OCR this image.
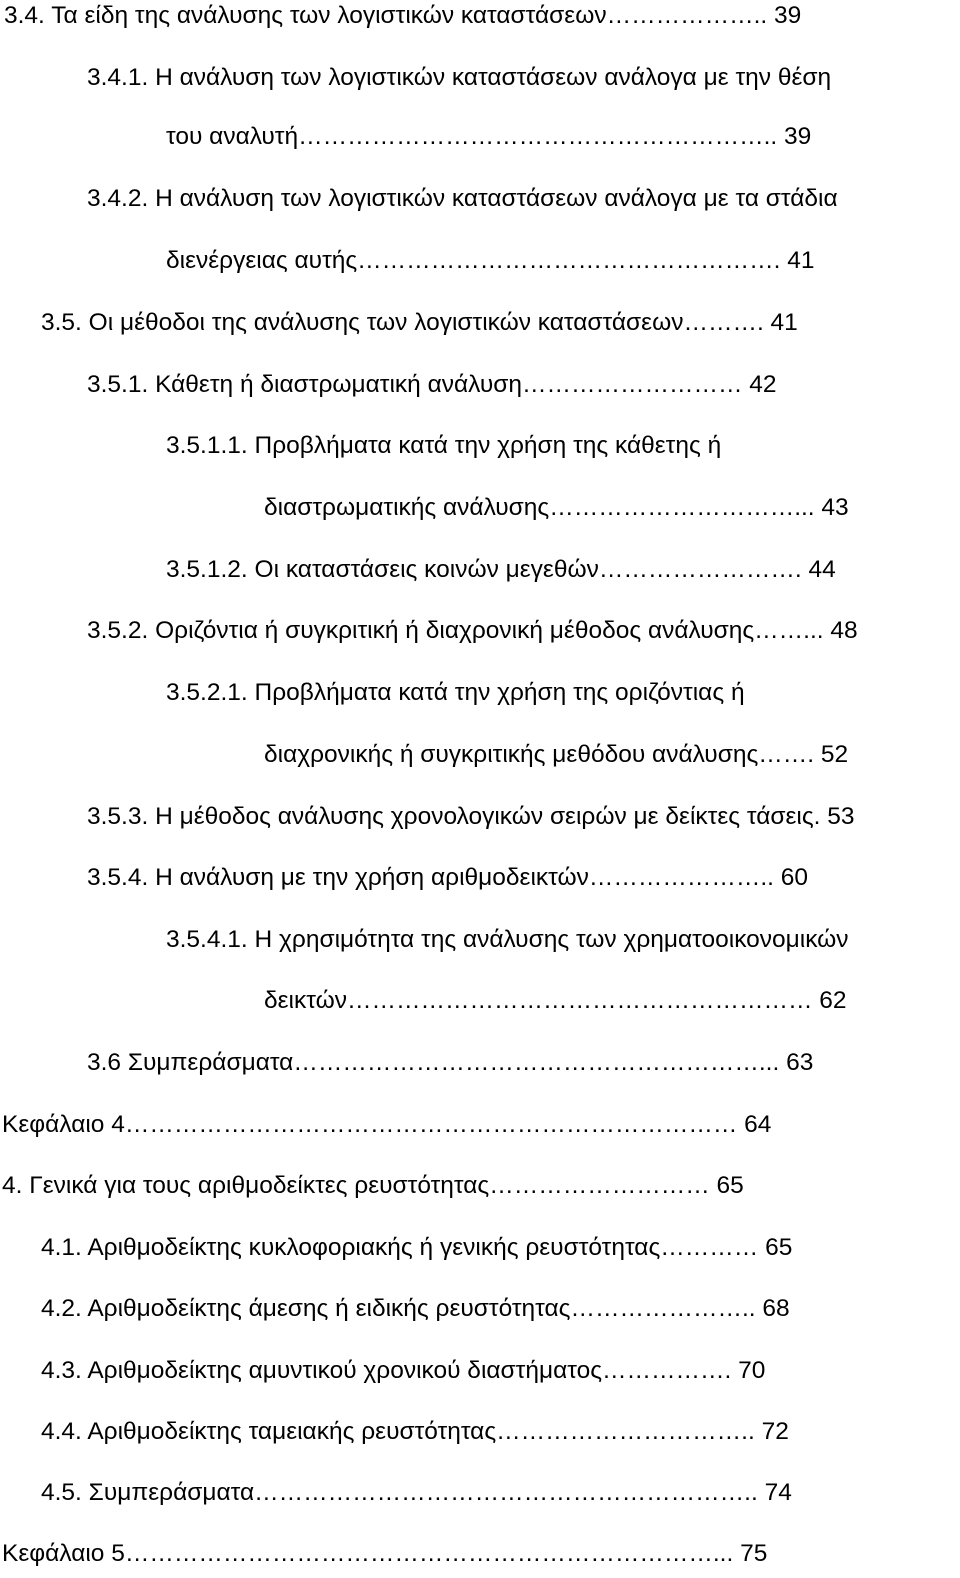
3.4. Τα είδη της ανάλυσης των λογιστικών καταστάσεων……………….. 39
3.4.1. Η ανάλυση των λογιστικών καταστάσεων ανάλογα με την θέση
του αναλυτή………………………………………………….. 39
3.4.2. Η ανάλυση των λογιστικών καταστάσεων ανάλογα με τα στάδια
διενέργειας αυτής……………………………………………. 41
3.5. Οι μέθοδοι της ανάλυσης των λογιστικών καταστάσεων………. 41
3.5.1. Κάθετη ή διαστρωματική ανάλυση……………………… 42
3.5.1.1. Προβλήματα κατά την χρήση της κάθετης ή
διαστρωματικής ανάλυσης…………………………... 43
3.5.1.2. Οι καταστάσεις κοινών μεγεθών……………………. 44
3.5.2. Οριζόντια ή συγκριτική ή διαχρονική μέθοδος ανάλυσης……... 48
3.5.2.1. Προβλήματα κατά την χρήση της οριζόντιας ή
διαχρονικής ή συγκριτικής μεθόδου ανάλυσης……. 52
3.5.3. Η μέθοδος ανάλυσης χρονολογικών σειρών με δείκτες τάσεις. 53
3.5.4. Η ανάλυση με την χρήση αριθμοδεικτών………………….. 60
3.5.4.1. Η χρησιμότητα της ανάλυσης των χρηματοοικονομικών
δεικτών………………………………………………… 62
3.6 Συμπεράσματα…………………………………………………... 63
Κεφάλαιο 4………………………………………………………………… 64
4. Γενικά για τους αριθμοδείκτες ρευστότητας……………………… 65
4.1. Αριθμοδείκτης κυκλοφοριακής ή γενικής ρευστότητας………… 65
4.2. Αριθμοδείκτης άμεσης ή ειδικής ρευστότητας………………….. 68
4.3. Αριθμοδείκτης αμυντικού χρονικού διαστήματος……………. 70
4.4. Αριθμοδείκτης ταμειακής ρευστότητας………………………….. 72
4.5. Συμπεράσματα…………………………………………………….. 74
Κεφάλαιο 5………………………………………………………………... 75
